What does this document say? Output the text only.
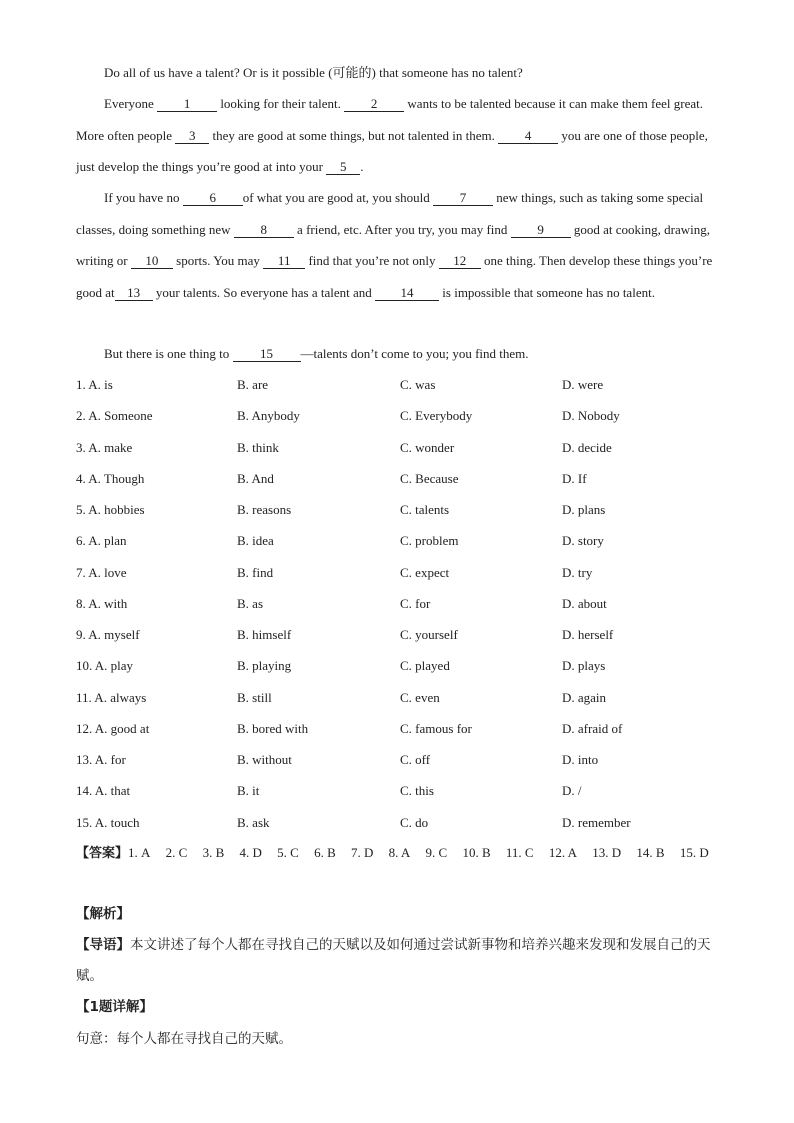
Do all of us have a talent? Or is it possible (可能的) that someone has no talent?
Everyone 1 looking for their talent. 2 wants to be talented because it can make them feel great. More often people 3 they are good at some things, but not talented in them. 4 you are one of those people, just develop the things you’re good at into your 5 .
If you have no 6 of what you are good at, you should 7 new things, such as taking some special classes, doing something new 8 a friend, etc. After you try, you may find 9 good at cooking, drawing, writing or 10 sports. You may 11 find that you’re not only 12 one thing. Then develop these things you’re good at 13 your talents. So everyone has a talent and 14 is impossible that someone has no talent.
But there is one thing to 15 —talents don’t come to you; you find them.
1. A. is	B. are	C. was	D. were
2. A. Someone	B. Anybody	C. Everybody	D. Nobody
3. A. make	B. think	C. wonder	D. decide
4. A. Though	B. And	C. Because	D. If
5. A. hobbies	B. reasons	C. talents	D. plans
6. A. plan	B. idea	C. problem	D. story
7. A. love	B. find	C. expect	D. try
8. A. with	B. as	C. for	D. about
9. A. myself	B. himself	C. yourself	D. herself
10. A. play	B. playing	C. played	D. plays
11. A. always	B. still	C. even	D. again
12. A. good at	B. bored with	C. famous for	D. afraid of
13. A. for	B. without	C. off	D. into
14. A. that	B. it	C. this	D. /
15. A. touch	B. ask	C. do	D. remember
【答案】1. A 2. C 3. B 4. D 5. C 6. B 7. D 8. A 9. C 10. B 11. C 12. A 13. D 14. B 15. D
【解析】
【导语】本文讲述了每个人都在寻找自己的天赋以及如何通过尝试新事物和培养兴趣来发现和发展自己的天赋。
【1题详解】
句意：每个人都在寻找自己的天赋。
